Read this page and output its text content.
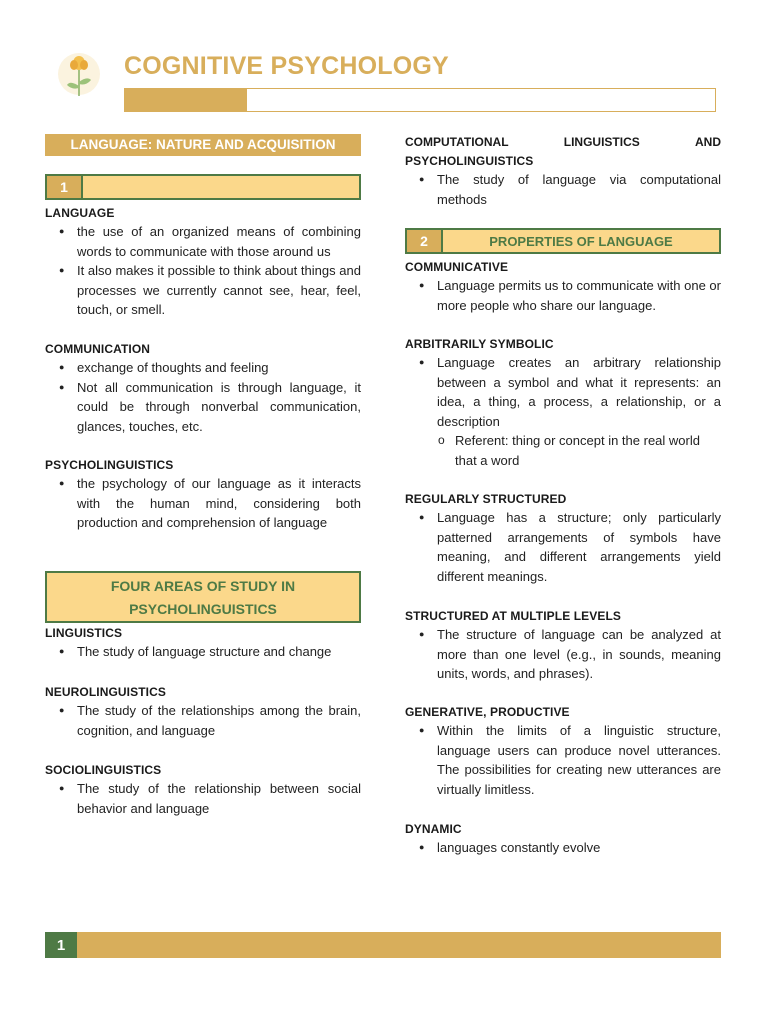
COGNITIVE PSYCHOLOGY
LANGUAGE: NATURE AND ACQUISITION
1
LANGUAGE
● the use of an organized means of combining words to communicate with those around us
● It also makes it possible to think about things and processes we currently cannot see, hear, feel, touch, or smell.
COMMUNICATION
● exchange of thoughts and feeling
● Not all communication is through language, it could be through nonverbal communication, glances, touches, etc.
PSYCHOLINGUISTICS
● the psychology of our language as it interacts with the human mind, considering both production and comprehension of language
FOUR AREAS OF STUDY IN
PSYCHOLINGUISTICS
LINGUISTICS
● The study of language structure and change
NEUROLINGUISTICS
● The study of the relationships among the brain, cognition, and language
SOCIOLINGUISTICS
● The study of the relationship between social behavior and language
COMPUTATIONAL	LINGUISTICS	AND
PSYCHOLINGUISTICS
● The study of language via computational methods
2	PROPERTIES OF LANGUAGE
COMMUNICATIVE
● Language permits us to communicate with one or more people who share our language.
ARBITRARILY SYMBOLIC
● Language creates an arbitrary relationship between a symbol and what it represents: an idea, a thing, a process, a relationship, or a description
o Referent: thing or concept in the real world that a word
REGULARLY STRUCTURED
● Language has a structure; only particularly patterned arrangements of symbols have meaning, and different arrangements yield different meanings.
STRUCTURED AT MULTIPLE LEVELS
● The structure of language can be analyzed at more than one level (e.g., in sounds, meaning units, words, and phrases).
GENERATIVE, PRODUCTIVE
● Within the limits of a linguistic structure, language users can produce novel utterances. The possibilities for creating new utterances are virtually limitless.
DYNAMIC
● languages constantly evolve
1
